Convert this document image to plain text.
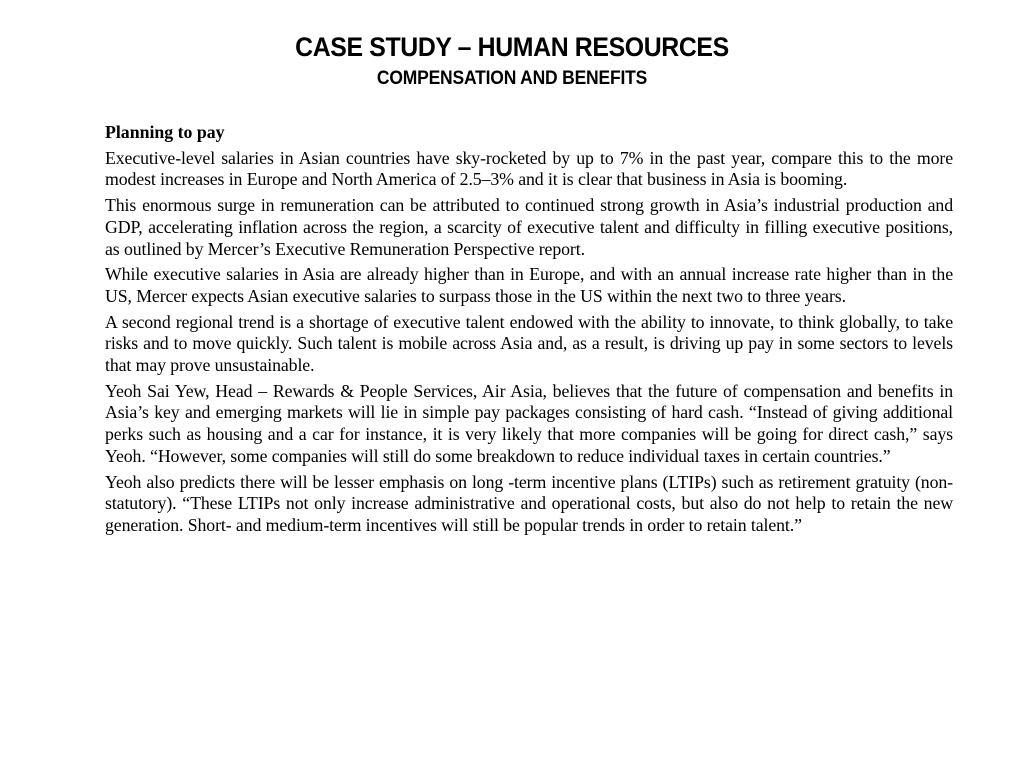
CASE STUDY – HUMAN RESOURCES
COMPENSATION AND BENEFITS
Planning to pay

Executive-level salaries in Asian countries have sky-rocketed by up to 7% in the past year, compare this to the more modest increases in Europe and North America of 2.5–3% and it is clear that business in Asia is booming.

This enormous surge in remuneration can be attributed to continued strong growth in Asia’s industrial production and GDP, accelerating inflation across the region, a scarcity of executive talent and difficulty in filling executive positions, as outlined by Mercer’s Executive Remuneration Perspective report.

While executive salaries in Asia are already higher than in Europe, and with an annual increase rate higher than in the US, Mercer expects Asian executive salaries to surpass those in the US within the next two to three years.

A second regional trend is a shortage of executive talent endowed with the ability to innovate, to think globally, to take risks and to move quickly. Such talent is mobile across Asia and, as a result, is driving up pay in some sectors to levels that may prove unsustainable.

Yeoh Sai Yew, Head – Rewards & People Services, Air Asia, believes that the future of compensation and benefits in Asia’s key and emerging markets will lie in simple pay packages consisting of hard cash. “Instead of giving additional perks such as housing and a car for instance, it is very likely that more companies will be going for direct cash,” says Yeoh. “However, some companies will still do some breakdown to reduce individual taxes in certain countries.”

Yeoh also predicts there will be lesser emphasis on long -term incentive plans (LTIPs) such as retirement gratuity (non-statutory). “These LTIPs not only increase administrative and operational costs, but also do not help to retain the new generation. Short- and medium-term incentives will still be popular trends in order to retain talent.”
